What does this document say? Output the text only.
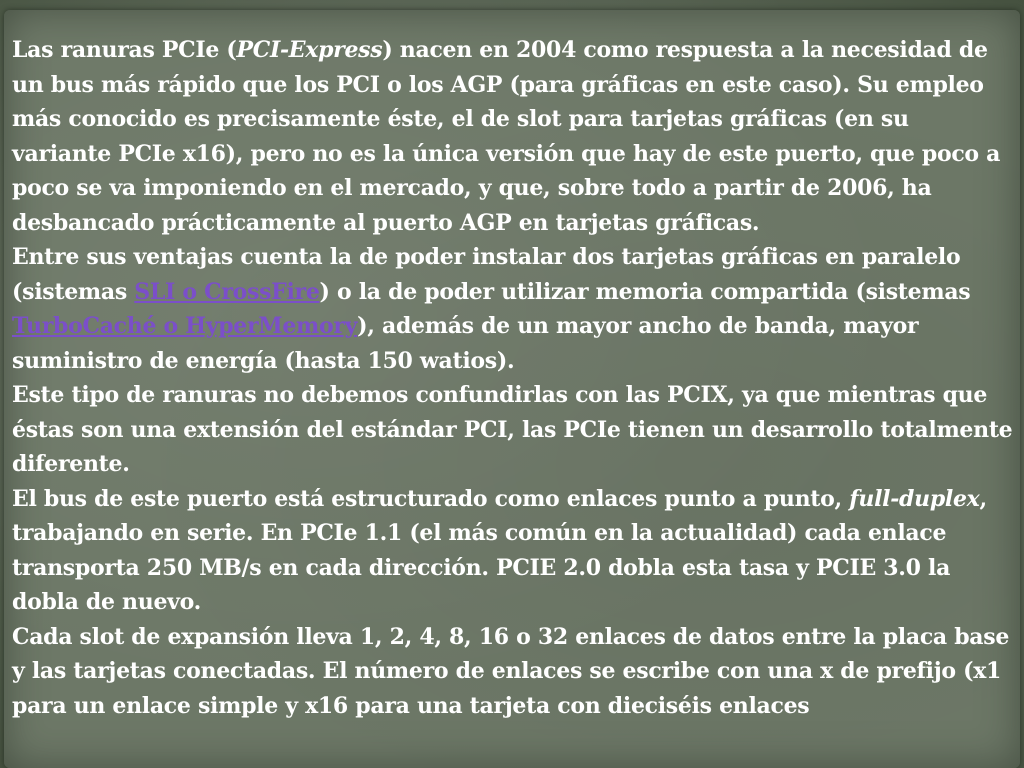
Las ranuras PCIe (PCI-Express) nacen en 2004 como respuesta a la necesidad de un bus más rápido que los PCI o los AGP (para gráficas en este caso). Su empleo más conocido es precisamente éste, el de slot para tarjetas gráficas (en su variante PCIe x16), pero no es la única versión que hay de este puerto, que poco a poco se va imponiendo en el mercado, y que, sobre todo a partir de 2006, ha desbancado prácticamente al puerto AGP en tarjetas gráficas.

Entre sus ventajas cuenta la de poder instalar dos tarjetas gráficas en paralelo (sistemas SLI o CrossFire) o la de poder utilizar memoria compartida (sistemas TurboCaché o HyperMemory), además de un mayor ancho de banda, mayor suministro de energía (hasta 150 watios).

Este tipo de ranuras no debemos confundirlas con las PCIX, ya que mientras que éstas son una extensión del estándar PCI, las PCIe tienen un desarrollo totalmente diferente.

El bus de este puerto está estructurado como enlaces punto a punto, full-duplex, trabajando en serie. En PCIe 1.1 (el más común en la actualidad) cada enlace transporta 250 MB/s en cada dirección. PCIE 2.0 dobla esta tasa y PCIE 3.0 la dobla de nuevo.

Cada slot de expansión lleva 1, 2, 4, 8, 16 o 32 enlaces de datos entre la placa base y las tarjetas conectadas. El número de enlaces se escribe con una x de prefijo (x1 para un enlace simple y x16 para una tarjeta con dieciséis enlaces
